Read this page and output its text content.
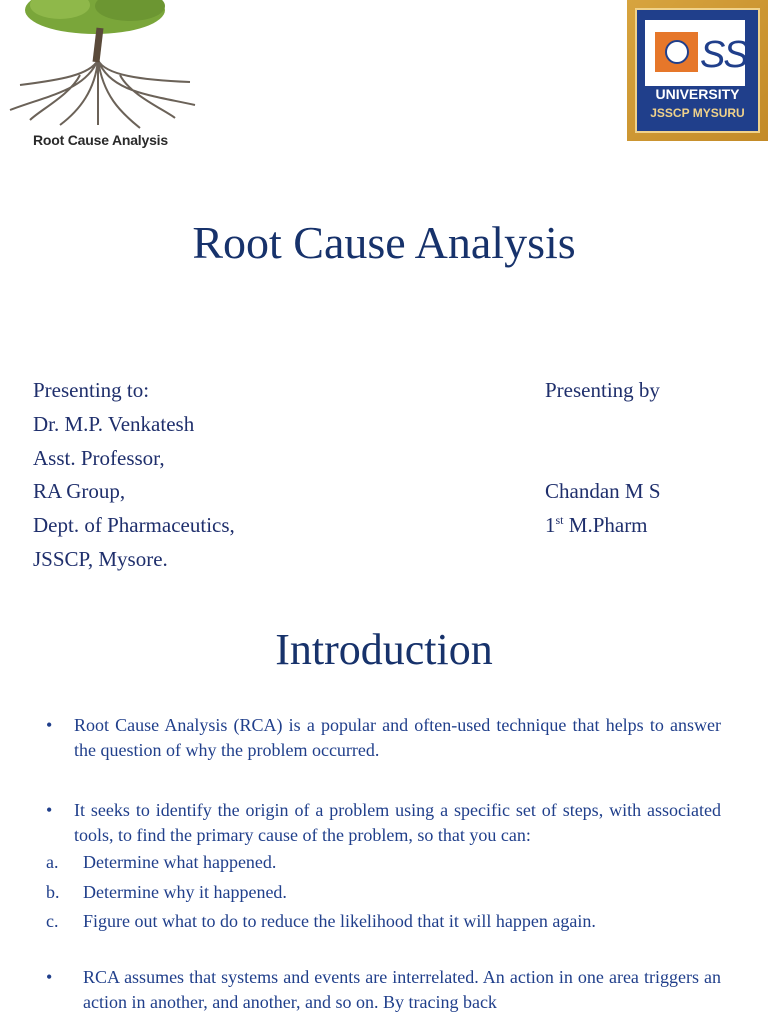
Root Cause Analysis
SS
UNIVERSITY
JSSCP MYSURU
Root Cause Analysis
Presenting to:
Dr. M.P. Venkatesh
Asst. Professor,
RA Group,
Dept. of Pharmaceutics,
JSSCP, Mysore.
Presenting by
Chandan M S
1st M.Pharm
Introduction
• Root Cause Analysis (RCA) is a popular and often-used technique that helps to answer the question of why the problem occurred.
• It seeks to identify the origin of a problem using a specific set of steps, with associated tools, to find the primary cause of the problem, so that you can:
a. Determine what happened.
b. Determine why it happened.
c. Figure out what to do to reduce the likelihood that it will happen again.
• RCA assumes that systems and events are interrelated. An action in one area triggers an action in another, and another, and so on. By tracing back
